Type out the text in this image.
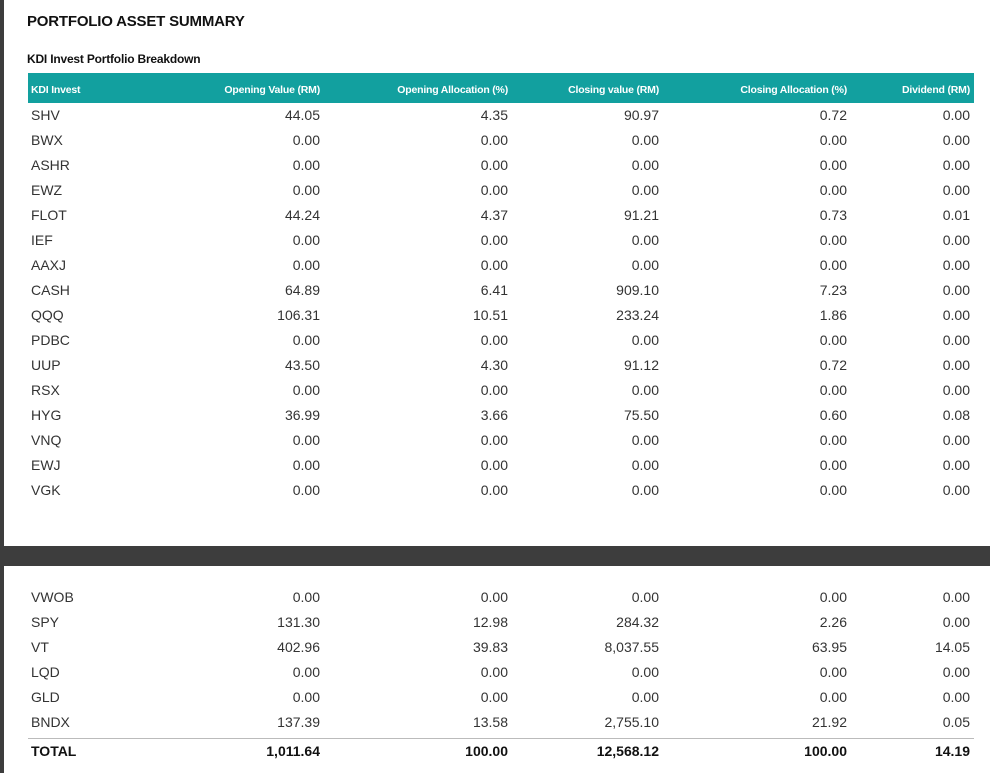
PORTFOLIO ASSET SUMMARY
KDI Invest Portfolio Breakdown
KDI Invest	Opening Value (RM)	Opening Allocation (%)	Closing value (RM)	Closing Allocation (%)	Dividend (RM)
SHV	44.05	4.35	90.97	0.72	0.00
BWX	0.00	0.00	0.00	0.00	0.00
ASHR	0.00	0.00	0.00	0.00	0.00
EWZ	0.00	0.00	0.00	0.00	0.00
FLOT	44.24	4.37	91.21	0.73	0.01
IEF	0.00	0.00	0.00	0.00	0.00
AAXJ	0.00	0.00	0.00	0.00	0.00
CASH	64.89	6.41	909.10	7.23	0.00
QQQ	106.31	10.51	233.24	1.86	0.00
PDBC	0.00	0.00	0.00	0.00	0.00
UUP	43.50	4.30	91.12	0.72	0.00
RSX	0.00	0.00	0.00	0.00	0.00
HYG	36.99	3.66	75.50	0.60	0.08
VNQ	0.00	0.00	0.00	0.00	0.00
EWJ	0.00	0.00	0.00	0.00	0.00
VGK	0.00	0.00	0.00	0.00	0.00
VWOB	0.00	0.00	0.00	0.00	0.00
SPY	131.30	12.98	284.32	2.26	0.00
VT	402.96	39.83	8,037.55	63.95	14.05
LQD	0.00	0.00	0.00	0.00	0.00
GLD	0.00	0.00	0.00	0.00	0.00
BNDX	137.39	13.58	2,755.10	21.92	0.05
TOTAL	1,011.64	100.00	12,568.12	100.00	14.19
